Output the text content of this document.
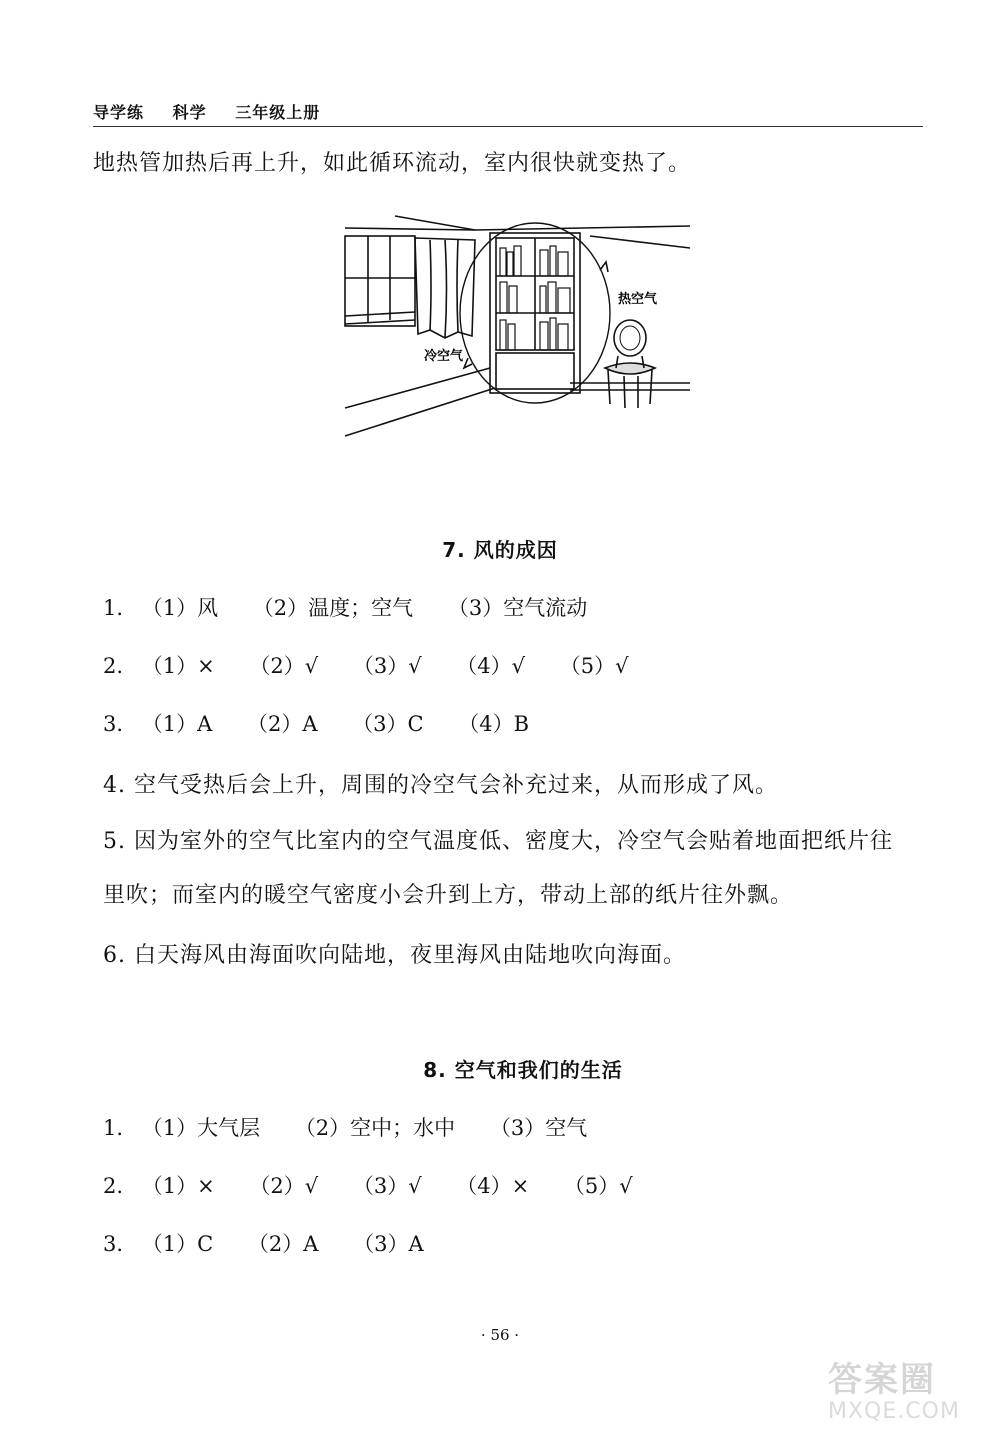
导学练 科学 三年级上册
地热管加热后再上升，如此循环流动，室内很快就变热了。
热空气
冷空气
7. 风的成因
1. （1）风 （2）温度；空气 （3）空气流动
2. （1）× （2）√ （3）√ （4）√ （5）√
3. （1）A （2）A （3）C （4）B
4. 空气受热后会上升，周围的冷空气会补充过来，从而形成了风。
5. 因为室外的空气比室内的空气温度低、密度大，冷空气会贴着地面把纸片往
里吹；而室内的暖空气密度小会升到上方，带动上部的纸片往外飘。
6. 白天海风由海面吹向陆地，夜里海风由陆地吹向海面。
8. 空气和我们的生活
1. （1）大气层 （2）空中；水中 （3）空气
2. （1）× （2）√ （3）√ （4）× （5）√
3. （1）C （2）A （3）A
· 56 ·
答案圈
MXQE.COM
